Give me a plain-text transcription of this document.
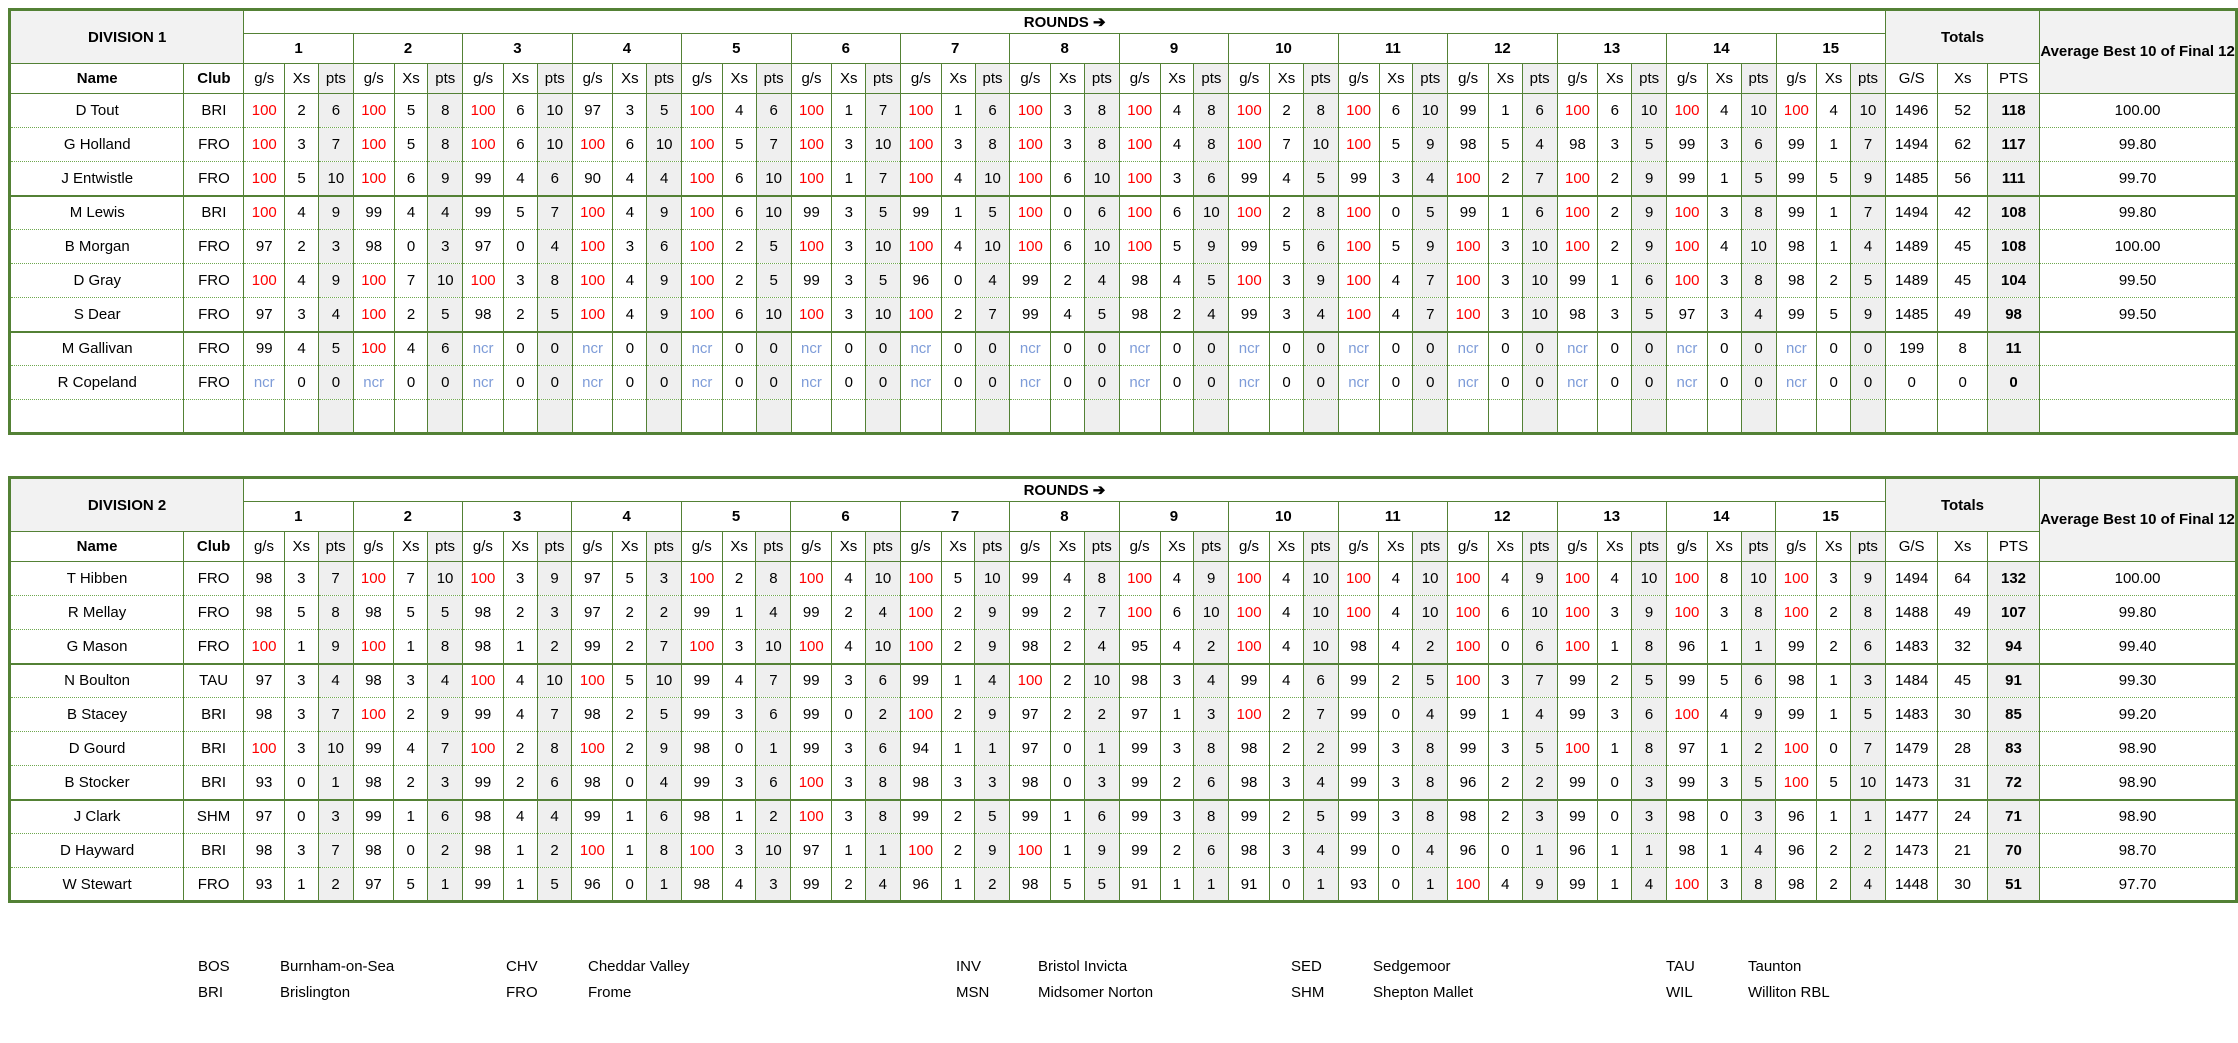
DIVISION 1		ROUNDS ➔																																													Totals			Average Best 10 of Final 12
		1			2			3			4			5			6			7			8			9			10			11			12			13			14			15						
Name	Club	g/s	Xs	pts	g/s	Xs	pts	g/s	Xs	pts	g/s	Xs	pts	g/s	Xs	pts	g/s	Xs	pts	g/s	Xs	pts	g/s	Xs	pts	g/s	Xs	pts	g/s	Xs	pts	g/s	Xs	pts	g/s	Xs	pts	g/s	Xs	pts	g/s	Xs	pts	g/s	Xs	pts	G/S	Xs	PTS	
D Tout	BRI	100	2	6	100	5	8	100	6	10	97	3	5	100	4	6	100	1	7	100	1	6	100	3	8	100	4	8	100	2	8	100	6	10	99	1	6	100	6	10	100	4	10	100	4	10	1496	52	118	100.00
G Holland	FRO	100	3	7	100	5	8	100	6	10	100	6	10	100	5	7	100	3	10	100	3	8	100	3	8	100	4	8	100	7	10	100	5	9	98	5	4	98	3	5	99	3	6	99	1	7	1494	62	117	99.80
J Entwistle	FRO	100	5	10	100	6	9	99	4	6	90	4	4	100	6	10	100	1	7	100	4	10	100	6	10	100	3	6	99	4	5	99	3	4	100	2	7	100	2	9	99	1	5	99	5	9	1485	56	111	99.70
M Lewis	BRI	100	4	9	99	4	4	99	5	7	100	4	9	100	6	10	99	3	5	99	1	5	100	0	6	100	6	10	100	2	8	100	0	5	99	1	6	100	2	9	100	3	8	99	1	7	1494	42	108	99.80
B Morgan	FRO	97	2	3	98	0	3	97	0	4	100	3	6	100	2	5	100	3	10	100	4	10	100	6	10	100	5	9	99	5	6	100	5	9	100	3	10	100	2	9	100	4	10	98	1	4	1489	45	108	100.00
D Gray	FRO	100	4	9	100	7	10	100	3	8	100	4	9	100	2	5	99	3	5	96	0	4	99	2	4	98	4	5	100	3	9	100	4	7	100	3	10	99	1	6	100	3	8	98	2	5	1489	45	104	99.50
S Dear	FRO	97	3	4	100	2	5	98	2	5	100	4	9	100	6	10	100	3	10	100	2	7	99	4	5	98	2	4	99	3	4	100	4	7	100	3	10	98	3	5	97	3	4	99	5	9	1485	49	98	99.50
M Gallivan	FRO	99	4	5	100	4	6	ncr	0	0	ncr	0	0	ncr	0	0	ncr	0	0	ncr	0	0	ncr	0	0	ncr	0	0	ncr	0	0	ncr	0	0	ncr	0	0	ncr	0	0	ncr	0	0	ncr	0	0	199	8	11	
R Copeland	FRO	ncr	0	0	ncr	0	0	ncr	0	0	ncr	0	0	ncr	0	0	ncr	0	0	ncr	0	0	ncr	0	0	ncr	0	0	ncr	0	0	ncr	0	0	ncr	0	0	ncr	0	0	ncr	0	0	ncr	0	0	0	0	0	

DIVISION 2		ROUNDS ➔																																													Totals			Average Best 10 of Final 12
		1			2			3			4			5			6			7			8			9			10			11			12			13			14			15						
Name	Club	g/s	Xs	pts	g/s	Xs	pts	g/s	Xs	pts	g/s	Xs	pts	g/s	Xs	pts	g/s	Xs	pts	g/s	Xs	pts	g/s	Xs	pts	g/s	Xs	pts	g/s	Xs	pts	g/s	Xs	pts	g/s	Xs	pts	g/s	Xs	pts	g/s	Xs	pts	g/s	Xs	pts	G/S	Xs	PTS	
T Hibben	FRO	98	3	7	100	7	10	100	3	9	97	5	3	100	2	8	100	4	10	100	5	10	99	4	8	100	4	9	100	4	10	100	4	10	100	4	9	100	4	10	100	8	10	100	3	9	1494	64	132	100.00
R Mellay	FRO	98	5	8	98	5	5	98	2	3	97	2	2	99	1	4	99	2	4	100	2	9	99	2	7	100	6	10	100	4	10	100	4	10	100	6	10	100	3	9	100	3	8	100	2	8	1488	49	107	99.80
G Mason	FRO	100	1	9	100	1	8	98	1	2	99	2	7	100	3	10	100	4	10	100	2	9	98	2	4	95	4	2	100	4	10	98	4	2	100	0	6	100	1	8	96	1	1	99	2	6	1483	32	94	99.40
N Boulton	TAU	97	3	4	98	3	4	100	4	10	100	5	10	99	4	7	99	3	6	99	1	4	100	2	10	98	3	4	99	4	6	99	2	5	100	3	7	99	2	5	99	5	6	98	1	3	1484	45	91	99.30
B Stacey	BRI	98	3	7	100	2	9	99	4	7	98	2	5	99	3	6	99	0	2	100	2	9	97	2	2	97	1	3	100	2	7	99	0	4	99	1	4	99	3	6	100	4	9	99	1	5	1483	30	85	99.20
D Gourd	BRI	100	3	10	99	4	7	100	2	8	100	2	9	98	0	1	99	3	6	94	1	1	97	0	1	99	3	8	98	2	2	99	3	8	99	3	5	100	1	8	97	1	2	100	0	7	1479	28	83	98.90
B Stocker	BRI	93	0	1	98	2	3	99	2	6	98	0	4	99	3	6	100	3	8	98	3	3	98	0	3	99	2	6	98	3	4	99	3	8	96	2	2	99	0	3	99	3	5	100	5	10	1473	31	72	98.90
J Clark	SHM	97	0	3	99	1	6	98	4	4	99	1	6	98	1	2	100	3	8	99	2	5	99	1	6	99	3	8	99	2	5	99	3	8	98	2	3	99	0	3	98	0	3	96	1	1	1477	24	71	98.90
D Hayward	BRI	98	3	7	98	0	2	98	1	2	100	1	8	100	3	10	97	1	1	100	2	9	100	1	9	99	2	6	98	3	4	99	0	4	96	0	1	96	1	1	98	1	4	96	2	2	1473	21	70	98.70
W Stewart	FRO	93	1	2	97	5	1	99	1	5	96	0	1	98	4	3	99	2	4	96	1	2	98	5	5	91	1	1	91	0	1	93	0	1	100	4	9	99	1	4	100	3	8	98	2	4	1448	30	51	97.70
BOS	Burnham-on-Sea	CHV	Cheddar Valley	INV	Bristol Invicta	SED	Sedgemoor	TAU	Taunton
BRI	Brislington	FRO	Frome	MSN	Midsomer Norton	SHM	Shepton Mallet	WIL	Williton RBL
